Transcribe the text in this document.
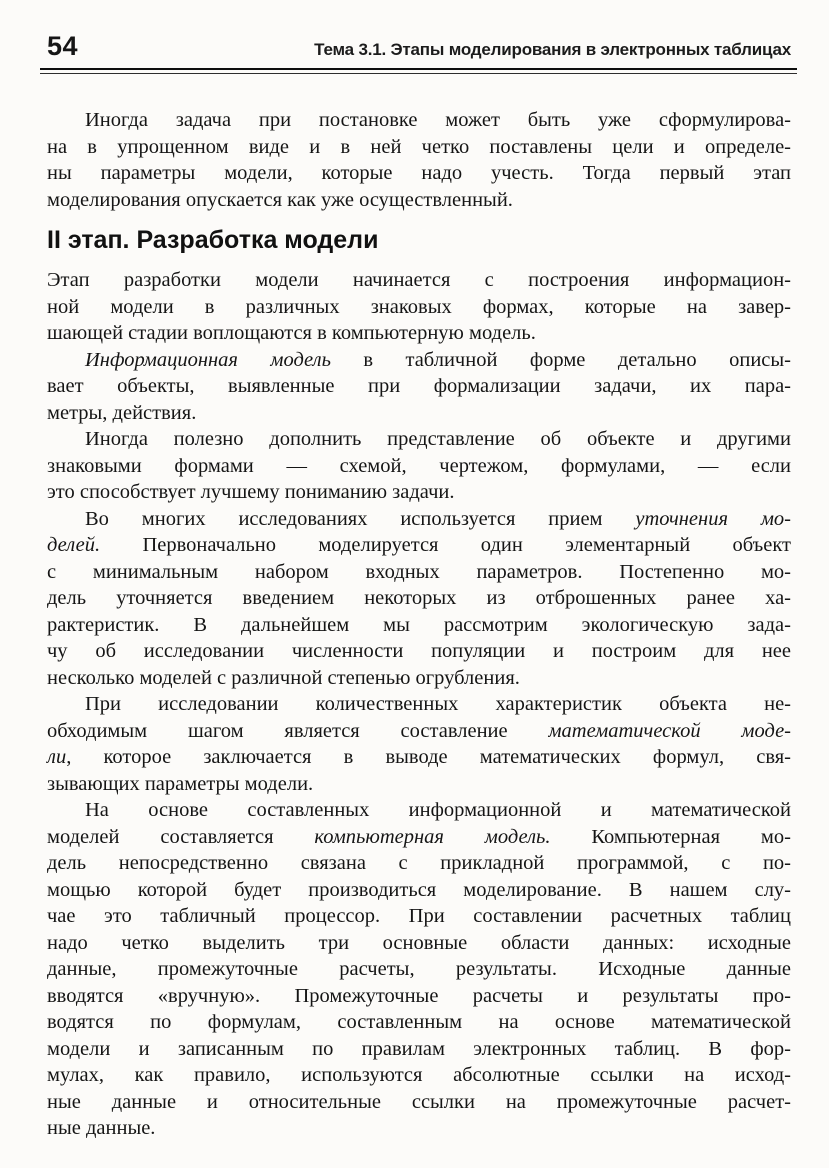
54	Тема 3.1. Этапы моделирования в электронных таблицах

Иногда задача при постановке может быть уже сформулирова-
на в упрощенном виде и в ней четко поставлены цели и определе-
ны параметры модели, которые надо учесть. Тогда первый этап
моделирования опускается как уже осуществленный.

II этап. Разработка модели

Этап разработки модели начинается с построения информацион-
ной модели в различных знаковых формах, которые на завер-
шающей стадии воплощаются в компьютерную модель.

Информационная модель в табличной форме детально описы-
вает объекты, выявленные при формализации задачи, их пара-
метры, действия.

Иногда полезно дополнить представление об объекте и другими
знаковыми формами — схемой, чертежом, формулами, — если
это способствует лучшему пониманию задачи.

Во многих исследованиях используется прием уточнения мо-
делей. Первоначально моделируется один элементарный объект
с минимальным набором входных параметров. Постепенно мо-
дель уточняется введением некоторых из отброшенных ранее ха-
рактеристик. В дальнейшем мы рассмотрим экологическую зада-
чу об исследовании численности популяции и построим для нее
несколько моделей с различной степенью огрубления.

При исследовании количественных характеристик объекта не-
обходимым шагом является составление математической моде-
ли, которое заключается в выводе математических формул, свя-
зывающих параметры модели.

На основе составленных информационной и математической
моделей составляется компьютерная модель. Компьютерная мо-
дель непосредственно связана с прикладной программой, с по-
мощью которой будет производиться моделирование. В нашем слу-
чае это табличный процессор. При составлении расчетных таблиц
надо четко выделить три основные области данных: исходные
данные, промежуточные расчеты, результаты. Исходные данные
вводятся «вручную». Промежуточные расчеты и результаты про-
водятся по формулам, составленным на основе математической
модели и записанным по правилам электронных таблиц. В фор-
мулах, как правило, используются абсолютные ссылки на исход-
ные данные и относительные ссылки на промежуточные расчет-
ные данные.
